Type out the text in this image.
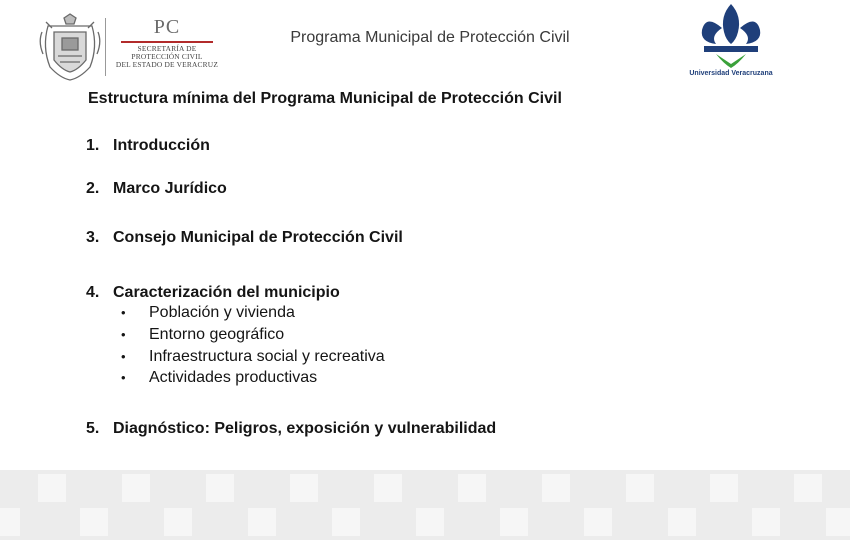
PC
SECRETARÍA DE
PROTECCIÓN CIVIL
DEL ESTADO DE VERACRUZ
Programa Municipal de Protección Civil
Universidad Veracruzana
Estructura mínima del Programa Municipal de Protección Civil
1. Introducción
2. Marco Jurídico
3. Consejo Municipal de Protección Civil
4. Caracterización del municipio
• Población y vivienda
• Entorno geográfico
• Infraestructura social y recreativa
• Actividades productivas
5. Diagnóstico: Peligros, exposición y vulnerabilidad
